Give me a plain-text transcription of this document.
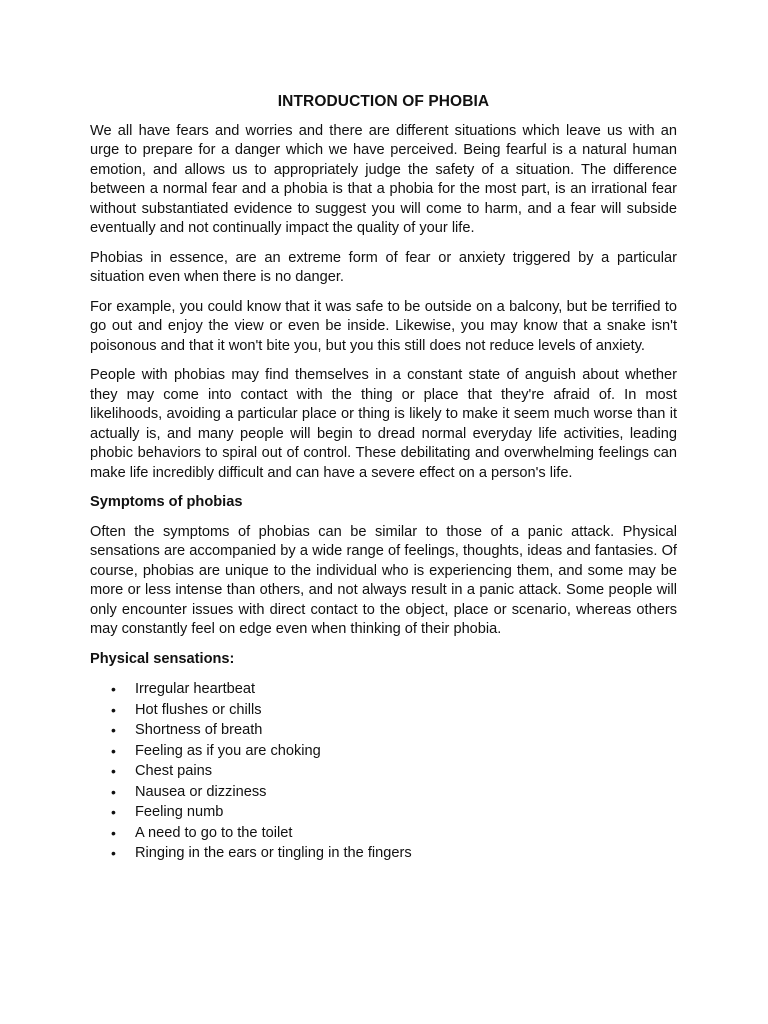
INTRODUCTION OF PHOBIA

We all have fears and worries and there are different situations which leave us with an urge to prepare for a danger which we have perceived. Being fearful is a natural human emotion, and allows us to appropriately judge the safety of a situation. The difference between a normal fear and a phobia is that a phobia for the most part, is an irrational fear without substantiated evidence to suggest you will come to harm, and a fear will subside eventually and not continually impact the quality of your life.

Phobias in essence, are an extreme form of fear or anxiety triggered by a particular situation even when there is no danger.

For example, you could know that it was safe to be outside on a balcony, but be terrified to go out and enjoy the view or even be inside. Likewise, you may know that a snake isn't poisonous and that it won't bite you, but you this still does not reduce levels of anxiety.

People with phobias may find themselves in a constant state of anguish about whether they may come into contact with the thing or place that they're afraid of. In most likelihoods, avoiding a particular place or thing is likely to make it seem much worse than it actually is, and many people will begin to dread normal everyday life activities, leading phobic behaviors to spiral out of control. These debilitating and overwhelming feelings can make life incredibly difficult and can have a severe effect on a person's life.

Symptoms of phobias

Often the symptoms of phobias can be similar to those of a panic attack. Physical sensations are accompanied by a wide range of feelings, thoughts, ideas and fantasies. Of course, phobias are unique to the individual who is experiencing them, and some may be more or less intense than others, and not always result in a panic attack. Some people will only encounter issues with direct contact to the object, place or scenario, whereas others may constantly feel on edge even when thinking of their phobia.

Physical sensations:
• Irregular heartbeat
• Hot flushes or chills
• Shortness of breath
• Feeling as if you are choking
• Chest pains
• Nausea or dizziness
• Feeling numb
• A need to go to the toilet
• Ringing in the ears or tingling in the fingers
